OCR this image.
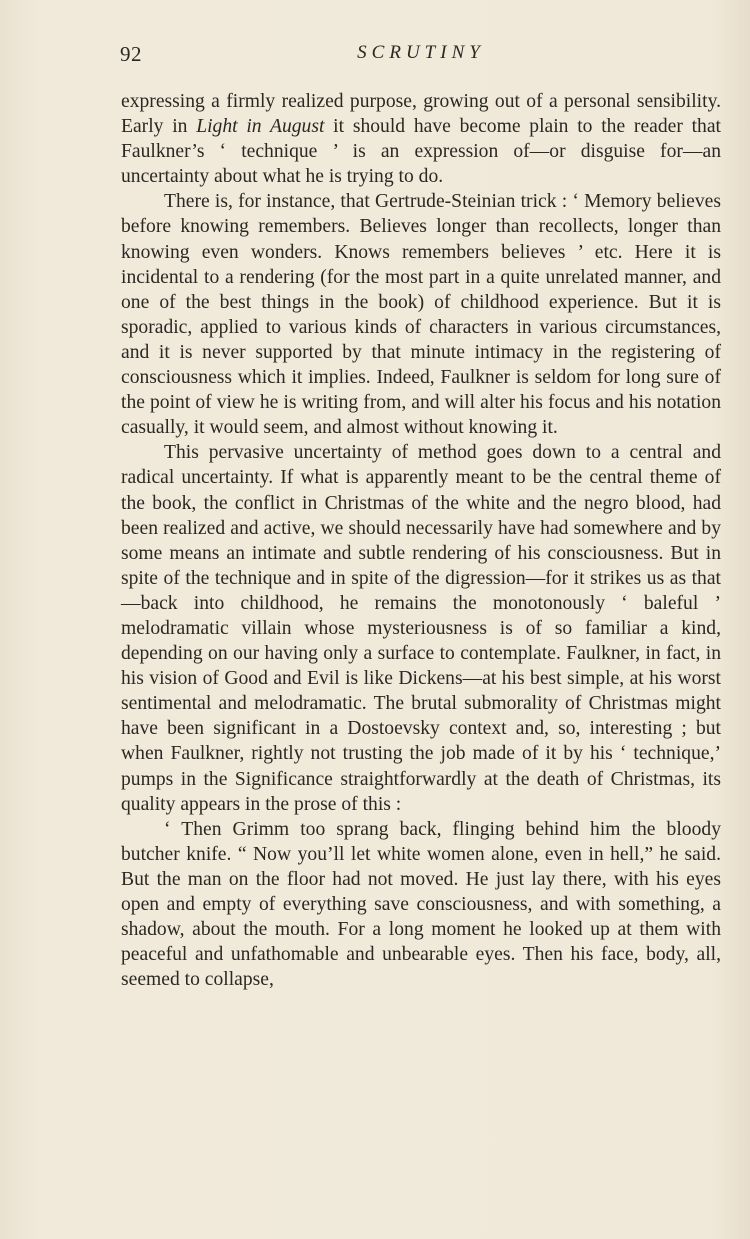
92	SCRUTINY

expressing a firmly realized purpose, growing out of a personal sensibility. Early in Light in August it should have become plain to the reader that Faulkner’s ‘ technique ’ is an expression of—or disguise for—an uncertainty about what he is trying to do.

There is, for instance, that Gertrude-Steinian trick : ‘ Memory believes before knowing remembers. Believes longer than recollects, longer than knowing even wonders. Knows remembers believes ’ etc. Here it is incidental to a rendering (for the most part in a quite unrelated manner, and one of the best things in the book) of childhood experience. But it is sporadic, applied to various kinds of characters in various circumstances, and it is never supported by that minute intimacy in the registering of consciousness which it implies. Indeed, Faulkner is seldom for long sure of the point of view he is writing from, and will alter his focus and his notation casually, it would seem, and almost without knowing it.

This pervasive uncertainty of method goes down to a central and radical uncertainty. If what is apparently meant to be the central theme of the book, the conflict in Christmas of the white and the negro blood, had been realized and active, we should necessarily have had somewhere and by some means an intimate and subtle rendering of his consciousness. But in spite of the technique and in spite of the digression—for it strikes us as that—back into childhood, he remains the monotonously ‘ baleful ’ melodramatic villain whose mysteriousness is of so familiar a kind, depending on our having only a surface to contemplate. Faulkner, in fact, in his vision of Good and Evil is like Dickens—at his best simple, at his worst sentimental and melodramatic. The brutal submorality of Christmas might have been significant in a Dostoevsky context and, so, interesting ; but when Faulkner, rightly not trusting the job made of it by his ‘ technique,’ pumps in the Significance straightforwardly at the death of Christmas, its quality appears in the prose of this :

‘ Then Grimm too sprang back, flinging behind him the bloody butcher knife. “ Now you’ll let white women alone, even in hell,” he said. But the man on the floor had not moved. He just lay there, with his eyes open and empty of everything save consciousness, and with something, a shadow, about the mouth. For a long moment he looked up at them with peaceful and unfathomable and unbearable eyes. Then his face, body, all, seemed to collapse,
